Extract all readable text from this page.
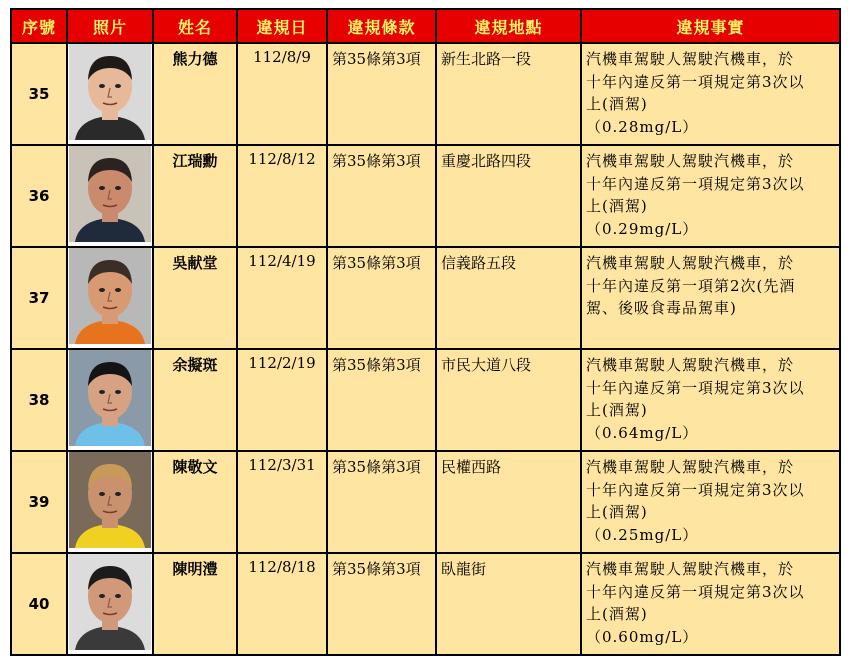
序號	照片	姓名	違規日	違規條款	違規地點	違規事實
35		熊力德	112/8/9	第35條第3項	新生北路一段	汽機車駕駛人駕駛汽機車，於
十年內違反第一項規定第3次以
上(酒駕)
（0.28mg/L）

36		江瑞勳	112/8/12	第35條第3項	重慶北路四段	汽機車駕駛人駕駛汽機車，於
十年內違反第一項規定第3次以
上(酒駕)
（0.29mg/L）

37		吳献堂	112/4/19	第35條第3項	信義路五段	汽機車駕駛人駕駛汽機車，於
十年內違反第一項第2次(先酒
駕、後吸食毒品駕車)

38		余擬斑	112/2/19	第35條第3項	市民大道八段	汽機車駕駛人駕駛汽機車，於
十年內違反第一項規定第3次以
上(酒駕)
（0.64mg/L）

39		陳敬文	112/3/31	第35條第3項	民權西路	汽機車駕駛人駕駛汽機車，於
十年內違反第一項規定第3次以
上(酒駕)
（0.25mg/L）

40		陳明澧	112/8/18	第35條第3項	臥龍街	汽機車駕駛人駕駛汽機車，於
十年內違反第一項規定第3次以
上(酒駕)
（0.60mg/L）
